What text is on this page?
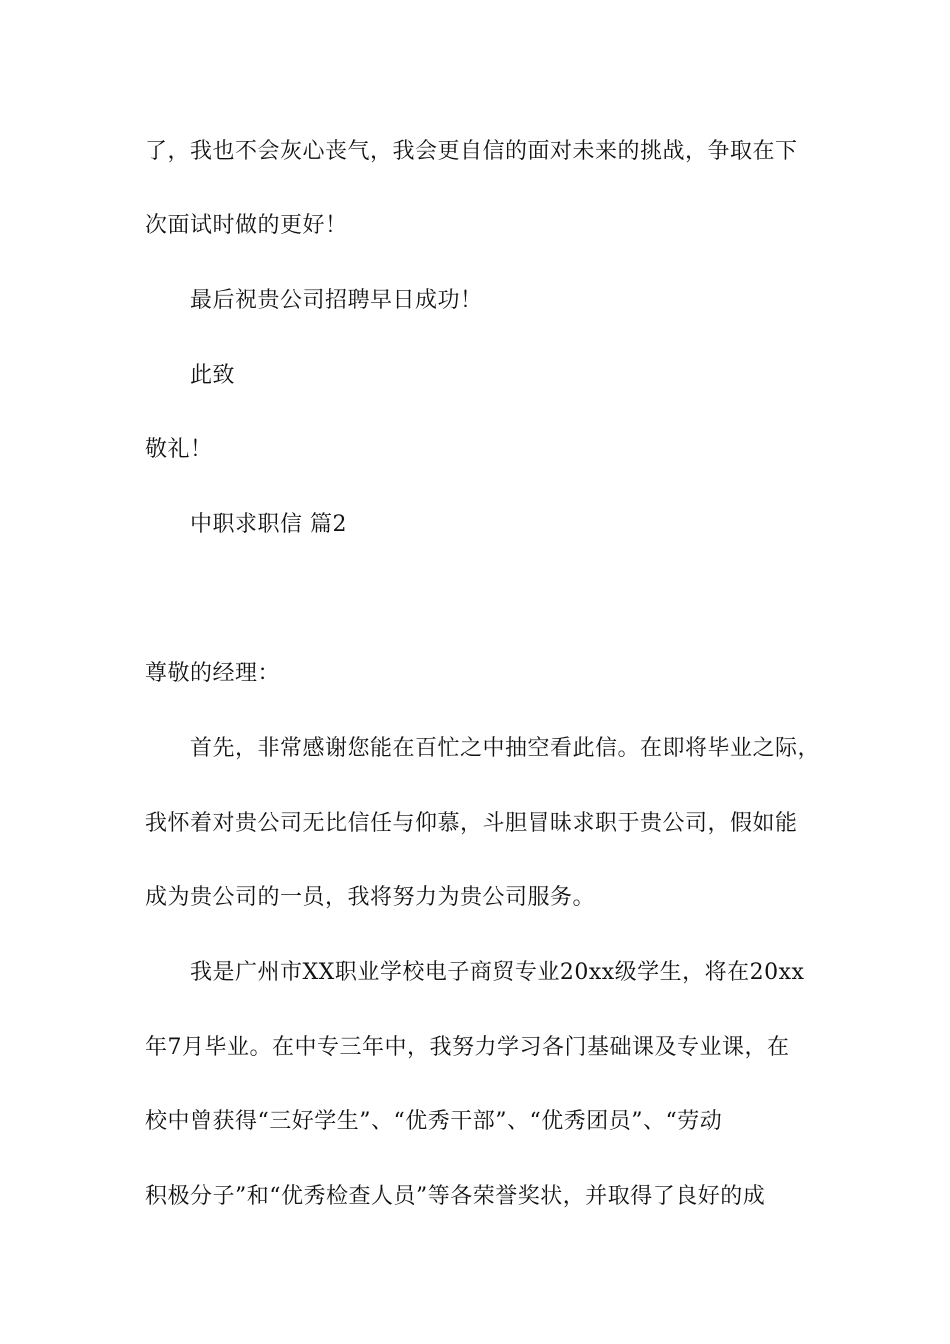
了，我也不会灰心丧气，我会更自信的面对未来的挑战，争取在下

次面试时做的更好！

最后祝贵公司招聘早日成功！

此致

敬礼！

中职求职信 篇2

尊敬的经理：

首先，非常感谢您能在百忙之中抽空看此信。在即将毕业之际，

我怀着对贵公司无比信任与仰慕，斗胆冒昧求职于贵公司，假如能

成为贵公司的一员，我将努力为贵公司服务。

我是广州市XX职业学校电子商贸专业20xx级学生，将在20xx

年7月毕业。在中专三年中，我努力学习各门基础课及专业课，在

校中曾获得“三好学生”、“优秀干部”、“优秀团员”、“劳动

积极分子”和“优秀检查人员”等各荣誉奖状，并取得了良好的成
